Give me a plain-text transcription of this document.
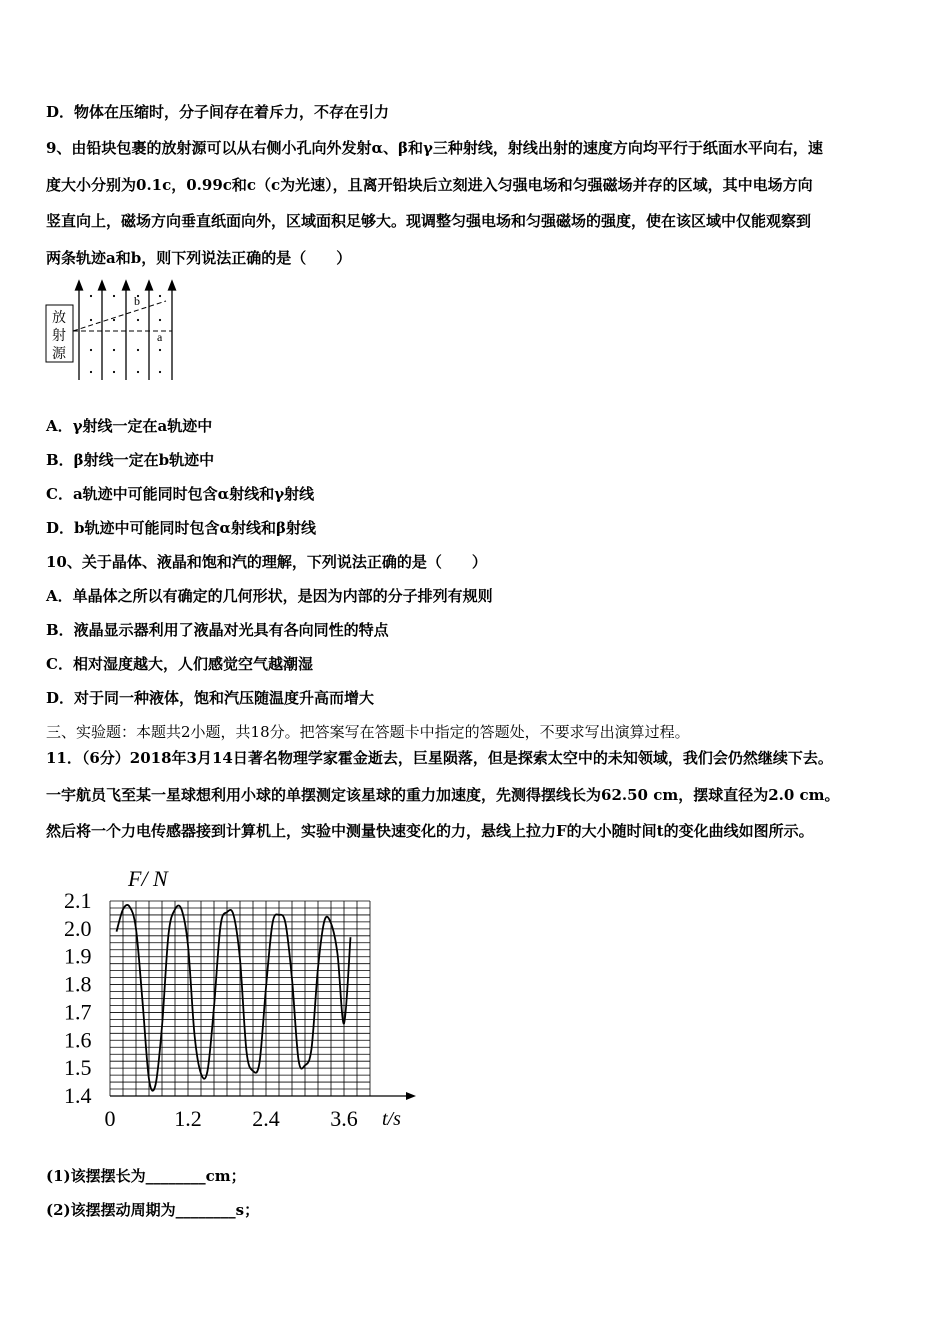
D．物体在压缩时，分子间存在着斥力，不存在引力
9、由铅块包裹的放射源可以从右侧小孔向外发射α、β和γ三种射线，射线出射的速度方向均平行于纸面水平向右，速
度大小分别为0.1c，0.99c和c（c为光速），且离开铅块后立刻进入匀强电场和匀强磁场并存的区域，其中电场方向
竖直向上，磁场方向垂直纸面向外，区域面积足够大。现调整匀强电场和匀强磁场的强度，使在该区域中仅能观察到
两条轨迹a和b，则下列说法正确的是（　　）
放
射
源
b
a
A．γ射线一定在a轨迹中
B．β射线一定在b轨迹中
C．a轨迹中可能同时包含α射线和γ射线
D．b轨迹中可能同时包含α射线和β射线
10、关于晶体、液晶和饱和汽的理解，下列说法正确的是（　　）
A．单晶体之所以有确定的几何形状，是因为内部的分子排列有规则
B．液晶显示器利用了液晶对光具有各向同性的特点
C．相对湿度越大，人们感觉空气越潮湿
D．对于同一种液体，饱和汽压随温度升高而增大
三、实验题：本题共2小题，共18分。把答案写在答题卡中指定的答题处，不要求写出演算过程。
11．（6分）2018年3月14日著名物理学家霍金逝去，巨星陨落，但是探索太空中的未知领域，我们会仍然继续下去。
一宇航员飞至某一星球想利用小球的单摆测定该星球的重力加速度，先测得摆线长为62.50 cm，摆球直径为2.0 cm。
然后将一个力电传感器接到计算机上，实验中测量快速变化的力，悬线上拉力F的大小随时间t的变化曲线如图所示。
2.1
2.0
1.9
1.8
1.7
1.6
1.5
1.4
0	1.2 2.4 3.6
F/ N
t/s
(1)该摆摆长为________cm；
(2)该摆摆动周期为________s；
